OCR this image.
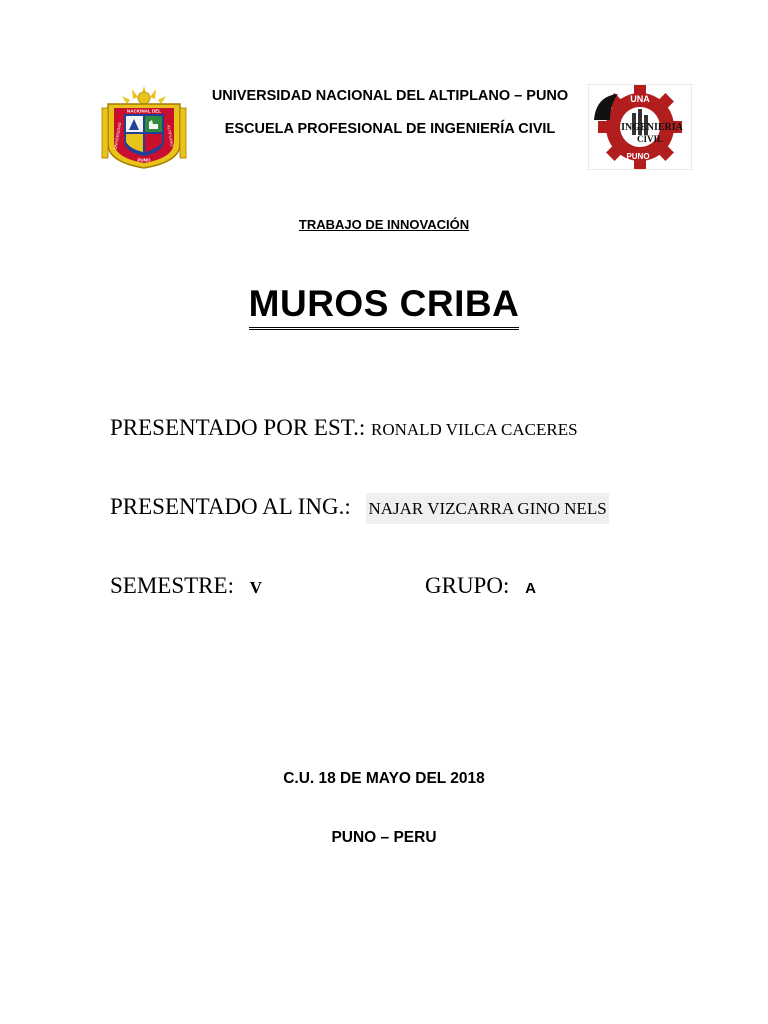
NACIONAL DEL
PUNO
UNIVERSIDAD	ALTIPLANO
UNIVERSIDAD NACIONAL DEL ALTIPLANO – PUNO
ESCUELA PROFESIONAL DE INGENIERÍA CIVIL
UNA
INGENIERIA
CIVIL
PUNO
TRABAJO DE INNOVACIÓN
MUROS CRIBA
PRESENTADO POR EST.: RONALD VILCA CACERES
PRESENTADO AL ING.: NAJAR VIZCARRA GINO NELS
SEMESTRE: V	GRUPO: A
C.U. 18 DE MAYO DEL 2018
PUNO – PERU
